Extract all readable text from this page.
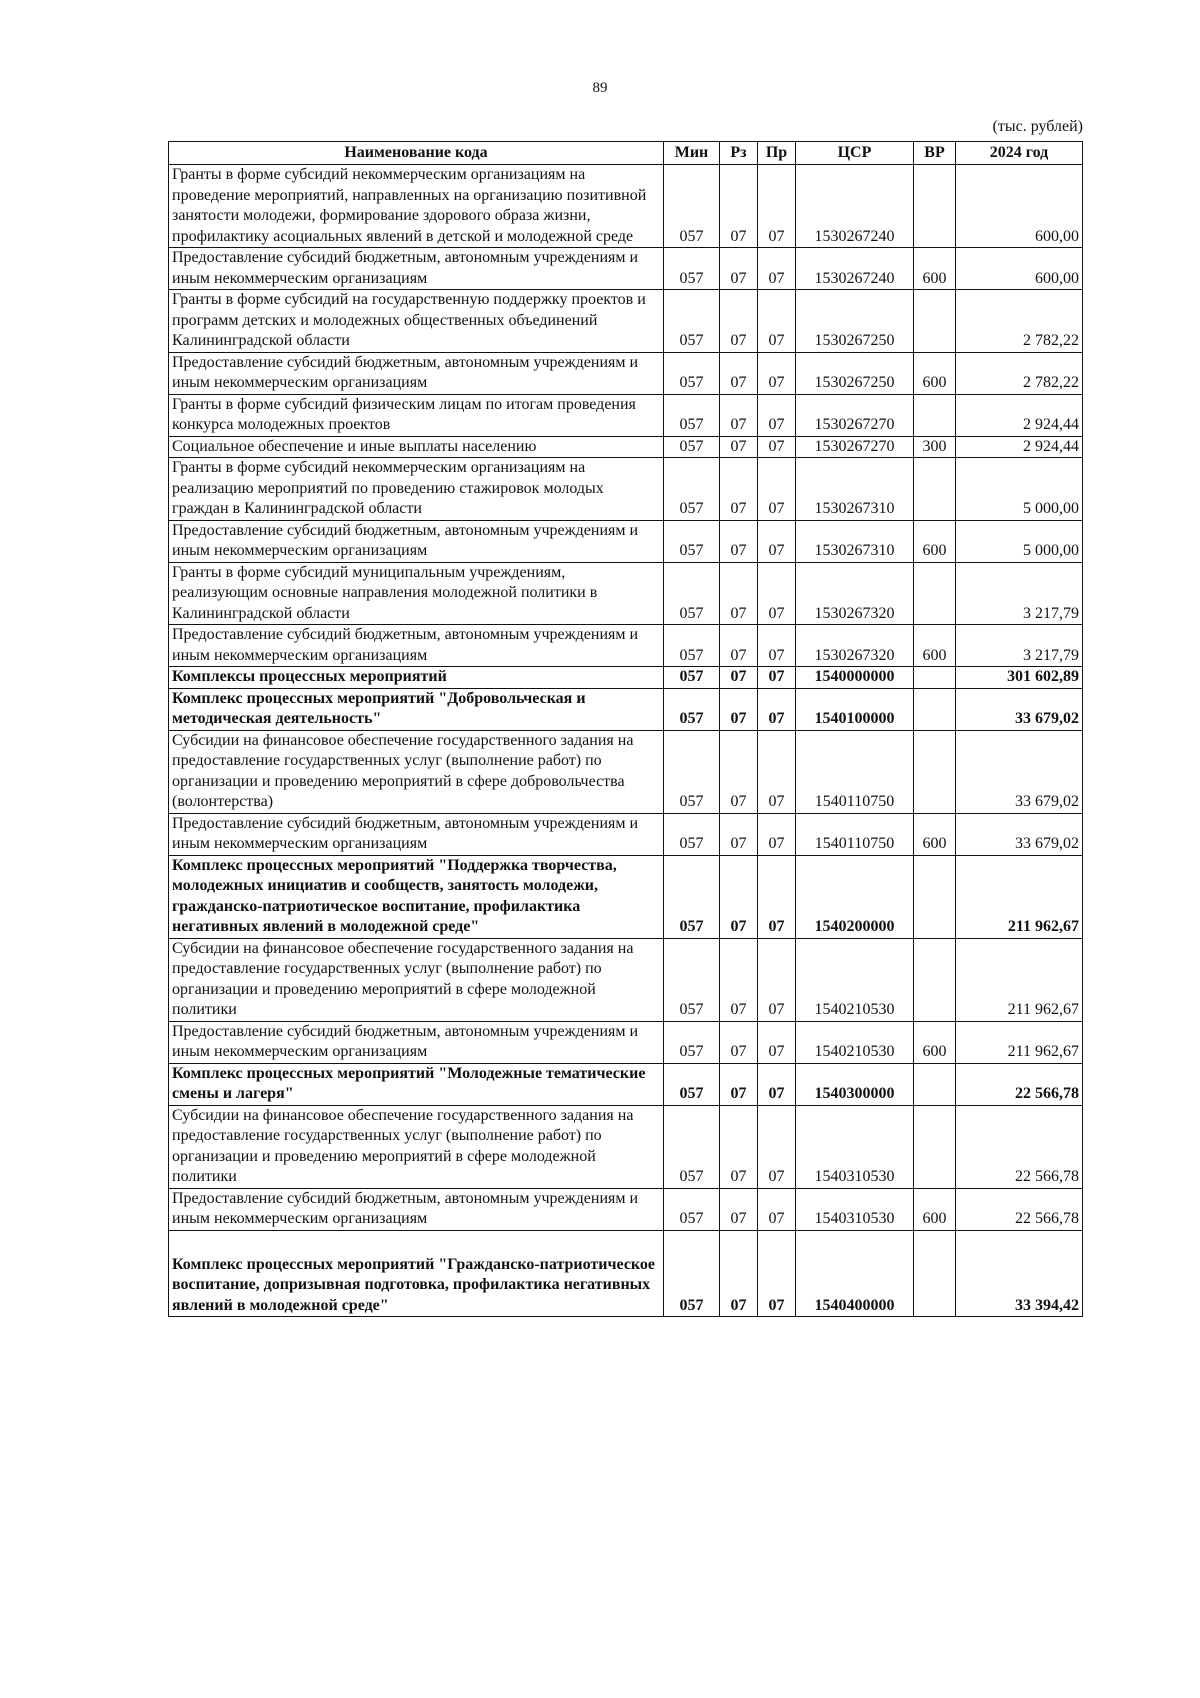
89
(тыс. рублей)
Наименование кода	Мин	Рз	Пр	ЦСР	ВР	2024 год
Гранты в форме субсидий некоммерческим организациям на проведение мероприятий, направленных на организацию позитивной занятости молодежи, формирование здорового образа жизни, профилактику асоциальных явлений в детской и молодежной среде	057	07	07	1530267240		600,00
Предоставление субсидий бюджетным, автономным учреждениям и иным некоммерческим организациям	057	07	07	1530267240	600	600,00
Гранты в форме субсидий на государственную поддержку проектов и программ детских и молодежных общественных объединений Калининградской области	057	07	07	1530267250		2 782,22
Предоставление субсидий бюджетным, автономным учреждениям и иным некоммерческим организациям	057	07	07	1530267250	600	2 782,22
Гранты в форме субсидий физическим лицам по итогам проведения конкурса молодежных проектов	057	07	07	1530267270		2 924,44
Социальное обеспечение и иные выплаты населению	057	07	07	1530267270	300	2 924,44
Гранты в форме субсидий некоммерческим организациям на реализацию мероприятий по проведению стажировок молодых граждан в Калининградской области	057	07	07	1530267310		5 000,00
Предоставление субсидий бюджетным, автономным учреждениям и иным некоммерческим организациям	057	07	07	1530267310	600	5 000,00
Гранты в форме субсидий муниципальным учреждениям, реализующим основные направления молодежной политики в Калининградской области	057	07	07	1530267320		3 217,79
Предоставление субсидий бюджетным, автономным учреждениям и иным некоммерческим организациям	057	07	07	1530267320	600	3 217,79
Комплексы процессных мероприятий	057	07	07	1540000000		301 602,89
Комплекс процессных мероприятий "Добровольческая и методическая деятельность"	057	07	07	1540100000		33 679,02
Субсидии на финансовое обеспечение государственного задания на предоставление государственных услуг (выполнение работ) по организации и проведению мероприятий в сфере добровольчества (волонтерства)	057	07	07	1540110750		33 679,02
Предоставление субсидий бюджетным, автономным учреждениям и иным некоммерческим организациям	057	07	07	1540110750	600	33 679,02
Комплекс процессных мероприятий "Поддержка творчества, молодежных инициатив и сообществ, занятость молодежи, гражданско-патриотическое воспитание, профилактика негативных явлений в молодежной среде"	057	07	07	1540200000		211 962,67
Субсидии на финансовое обеспечение государственного задания на предоставление государственных услуг (выполнение работ) по организации и проведению мероприятий в сфере молодежной политики	057	07	07	1540210530		211 962,67
Предоставление субсидий бюджетным, автономным учреждениям и иным некоммерческим организациям	057	07	07	1540210530	600	211 962,67
Комплекс процессных мероприятий "Молодежные тематические смены и лагеря"	057	07	07	1540300000		22 566,78
Субсидии на финансовое обеспечение государственного задания на предоставление государственных услуг (выполнение работ) по организации и проведению мероприятий в сфере молодежной политики	057	07	07	1540310530		22 566,78
Предоставление субсидий бюджетным, автономным учреждениям и иным некоммерческим организациям	057	07	07	1540310530	600	22 566,78
Комплекс процессных мероприятий "Гражданско-патриотическое воспитание, допризывная подготовка, профилактика негативных явлений в молодежной среде"	057	07	07	1540400000		33 394,42
